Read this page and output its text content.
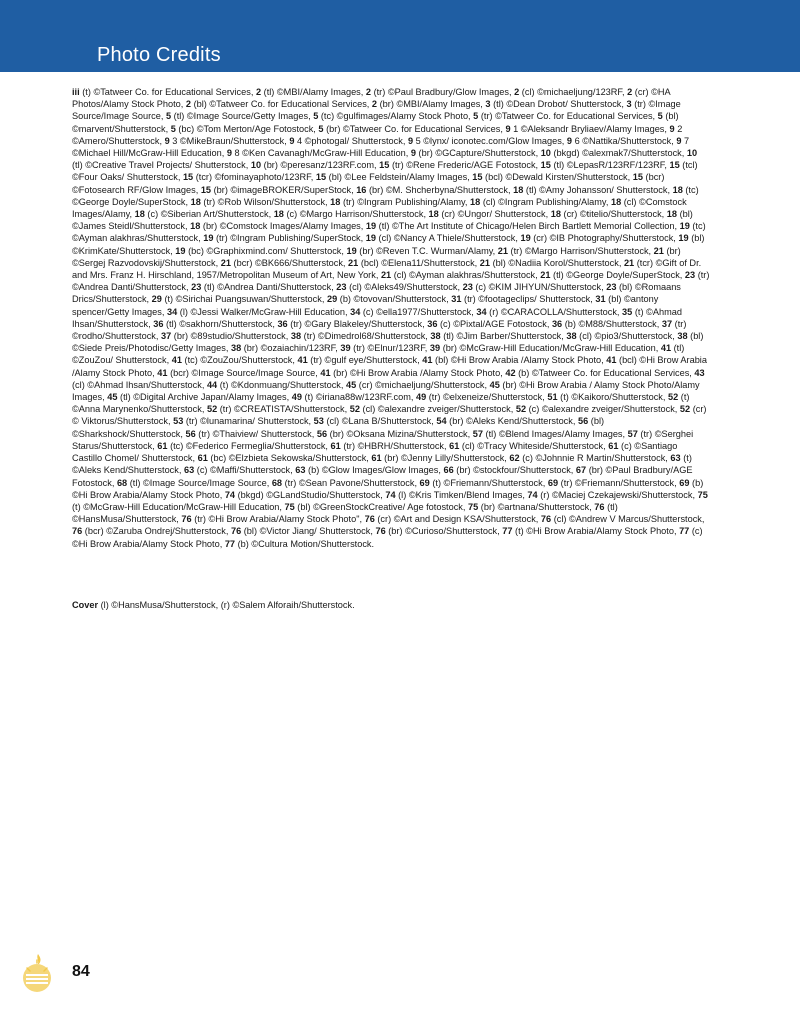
Photo Credits
iii (t) ©Tatweer Co. for Educational Services, 2 (tl) ©MBI/Alamy Images, 2 (tr) ©Paul Bradbury/Glow Images, 2 (cl) ©michaeljung/123RF, 2 (cr) ©HA Photos/Alamy Stock Photo, 2 (bl) ©Tatweer Co. for Educational Services, 2 (br) ©MBI/Alamy Images, 3 (tl) ©Dean Drobot/ Shutterstock, 3 (tr) ©Image Source/Image Source, 5 (tl) ©Image Source/Getty Images, 5 (tc) ©gulfimages/Alamy Stock Photo, 5 (tr) ©Tatweer Co. for Educational Services, 5 (bl) ©marvent/Shutterstock, 5 (bc) ©Tom Merton/Age Fotostock, 5 (br) ©Tatweer Co. for Educational Services, 9 1 ©Aleksandr Bryliaev/Alamy Images, 9 2 ©Amero/Shutterstock, 9 3 ©MikeBraun/Shutterstock, 9 4 ©photogal/ Shutterstock, 9 5 ©lynx/ iconotec.com/Glow Images, 9 6 ©Nattika/Shutterstock, 9 7 ©Michael Hill/McGraw-Hill Education, 9 8 ©Ken Cavanagh/McGraw-Hill Education, 9 (br) ©GCapture/Shutterstock, 10 (bkgd) ©alexmak7/Shutterstock, 10 (tl) ©Creative Travel Projects/ Shutterstock, 10 (br) ©peresanz/123RF.com, 15 (tr) ©Rene Frederic/AGE Fotostock, 15 (tl) ©LepasR/123RF/123RF, 15 (tcl) ©Four Oaks/ Shutterstock, 15 (tcr) ©fominayaphoto/123RF, 15 (bl) ©Lee Feldstein/Alamy Images, 15 (bcl) ©Dewald Kirsten/Shutterstock, 15 (bcr) ©Fotosearch RF/Glow Images, 15 (br) ©imageBROKER/SuperStock, 16 (br) ©M. Shcherbyna/Shutterstock, 18 (tl) ©Amy Johansson/ Shutterstock, 18 (tc) ©George Doyle/SuperStock, 18 (tr) ©Rob Wilson/Shutterstock, 18 (tr) ©Ingram Publishing/Alamy, 18 (cl) ©Ingram Publishing/Alamy, 18 (cl) ©Comstock Images/Alamy, 18 (c) ©Siberian Art/Shutterstock, 18 (c) ©Margo Harrison/Shutterstock, 18 (cr) ©Ungor/ Shutterstock, 18 (cr) ©titelio/Shutterstock, 18 (bl) ©James Steidl/Shutterstock, 18 (br) ©Comstock Images/Alamy Images, 19 (tl) ©The Art Institute of Chicago/Helen Birch Bartlett Memorial Collection, 19 (tc) ©Ayman alakhras/Shutterstock, 19 (tr) ©Ingram Publishing/SuperStock, 19 (cl) ©Nancy A Thiele/Shutterstock, 19 (cr) ©IB Photography/Shutterstock, 19 (bl) ©KrimKate/Shutterstock, 19 (bc) ©Graphixmind.com/ Shutterstock, 19 (br) ©Reven T.C. Wurman/Alamy, 21 (tr) ©Margo Harrison/Shutterstock, 21 (br) ©Sergej Razvodovskij/Shutterstock, 21 (bcr) ©BK666/Shutterstock, 21 (bcl) ©Elena11/Shutterstock, 21 (bl) ©Nadiia Korol/Shutterstock, 21 (tcr) ©Gift of Dr. and Mrs. Franz H. Hirschland, 1957/Metropolitan Museum of Art, New York, 21 (cl) ©Ayman alakhras/Shutterstock, 21 (tl) ©George Doyle/SuperStock, 23 (tr) ©Andrea Danti/Shutterstock, 23 (tl) ©Andrea Danti/Shutterstock, 23 (cl) ©Aleks49/Shutterstock, 23 (c) ©KIM JIHYUN/Shutterstock, 23 (bl) ©Romaans Drics/Shutterstock, 29 (t) ©Sirichai Puangsuwan/Shutterstock, 29 (b) ©tovovan/Shutterstock, 31 (tr) ©footageclips/ Shutterstock, 31 (bl) ©antony spencer/Getty Images, 34 (l) ©Jessi Walker/McGraw-Hill Education, 34 (c) ©ella1977/Shutterstock, 34 (r) ©CARACOLLA/Shutterstock, 35 (t) ©Ahmad Ihsan/Shutterstock, 36 (tl) ©sakhorn/Shutterstock, 36 (tr) ©Gary Blakeley/Shutterstock, 36 (c) ©Pixtal/AGE Fotostock, 36 (b) ©M88/Shutterstock, 37 (tr) ©rodho/Shutterstock, 37 (br) ©89studio/Shutterstock, 38 (tr) ©Dimedrol68/Shutterstock, 38 (tl) ©Jim Barber/Shutterstock, 38 (cl) ©pio3/Shutterstock, 38 (bl) ©Siede Preis/Photodisc/Getty Images, 38 (br) ©ozaiachin/123RF, 39 (tr) ©Elnur/123RF, 39 (br) ©McGraw-Hill Education/McGraw-Hill Education, 41 (tl) ©ZouZou/ Shutterstock, 41 (tc) ©ZouZou/Shutterstock, 41 (tr) ©gulf eye/Shutterstock, 41 (bl) ©Hi Brow Arabia /Alamy Stock Photo, 41 (bcl) ©Hi Brow Arabia /Alamy Stock Photo, 41 (bcr) ©Image Source/Image Source, 41 (br) ©Hi Brow Arabia /Alamy Stock Photo, 42 (b) ©Tatweer Co. for Educational Services, 43 (cl) ©Ahmad Ihsan/Shutterstock, 44 (t) ©Kdonmuang/Shutterstock, 45 (cr) ©michaeljung/Shutterstock, 45 (br) ©Hi Brow Arabia / Alamy Stock Photo/Alamy Images, 45 (tl) ©Digital Archive Japan/Alamy Images, 49 (t) ©iriana88w/123RF.com, 49 (tr) ©elxeneize/Shutterstock, 51 (t) ©Kaikoro/Shutterstock, 52 (t) ©Anna Marynenko/Shutterstock, 52 (tr) ©CREATISTA/Shutterstock, 52 (cl) ©alexandre zveiger/Shutterstock, 52 (c) ©alexandre zveiger/Shutterstock, 52 (cr) © Viktorus/Shutterstock, 53 (tr) ©lunamarina/ Shutterstock, 53 (cl) ©Lana B/Shutterstock, 54 (br) ©Aleks Kend/Shutterstock, 56 (bl) ©Sharkshock/Shutterstock, 56 (tr) ©Thaiview/ Shutterstock, 56 (br) ©Oksana Mizina/Shutterstock, 57 (tl) ©Blend Images/Alamy Images, 57 (tr) ©Serghei Starus/Shutterstock, 61 (tc) ©Federico Fermeglia/Shutterstock, 61 (tr) ©HBRH/Shutterstock, 61 (cl) ©Tracy Whiteside/Shutterstock, 61 (c) ©Santiago Castillo Chomel/ Shutterstock, 61 (bc) ©Elzbieta Sekowska/Shutterstock, 61 (br) ©Jenny Lilly/Shutterstock, 62 (c) ©Johnnie R Martin/Shutterstock, 63 (t) ©Aleks Kend/Shutterstock, 63 (c) ©Maffi/Shutterstock, 63 (b) ©Glow Images/Glow Images, 66 (br) ©stockfour/Shutterstock, 67 (br) ©Paul Bradbury/AGE Fotostock, 68 (tl) ©Image Source/Image Source, 68 (tr) ©Sean Pavone/Shutterstock, 69 (t) ©Friemann/Shutterstock, 69 (tr) ©Friemann/Shutterstock, 69 (b) ©Hi Brow Arabia/Alamy Stock Photo, 74 (bkgd) ©GLandStudio/Shutterstock, 74 (l) ©Kris Timken/Blend Images, 74 (r) ©Maciej Czekajewski/Shutterstock, 75 (t) ©McGraw-Hill Education/McGraw-Hill Education, 75 (bl) ©GreenStockCreative/ Age fotostock, 75 (br) ©artnana/Shutterstock, 76 (tl) ©HansMusa/Shutterstock, 76 (tr) ©Hi Brow Arabia/Alamy Stock Photo", 76 (cr) ©Art and Design KSA/Shutterstock, 76 (cl) ©Andrew V Marcus/Shutterstock, 76 (bcr) ©Zaruba Ondrej/Shutterstock, 76 (bl) ©Victor Jiang/ Shutterstock, 76 (br) ©Curioso/Shutterstock, 77 (t) ©Hi Brow Arabia/Alamy Stock Photo, 77 (c) ©Hi Brow Arabia/Alamy Stock Photo, 77 (b) ©Cultura Motion/Shutterstock.
Cover (l) ©HansMusa/Shutterstock, (r) ©Salem Alforaih/Shutterstock.
84
